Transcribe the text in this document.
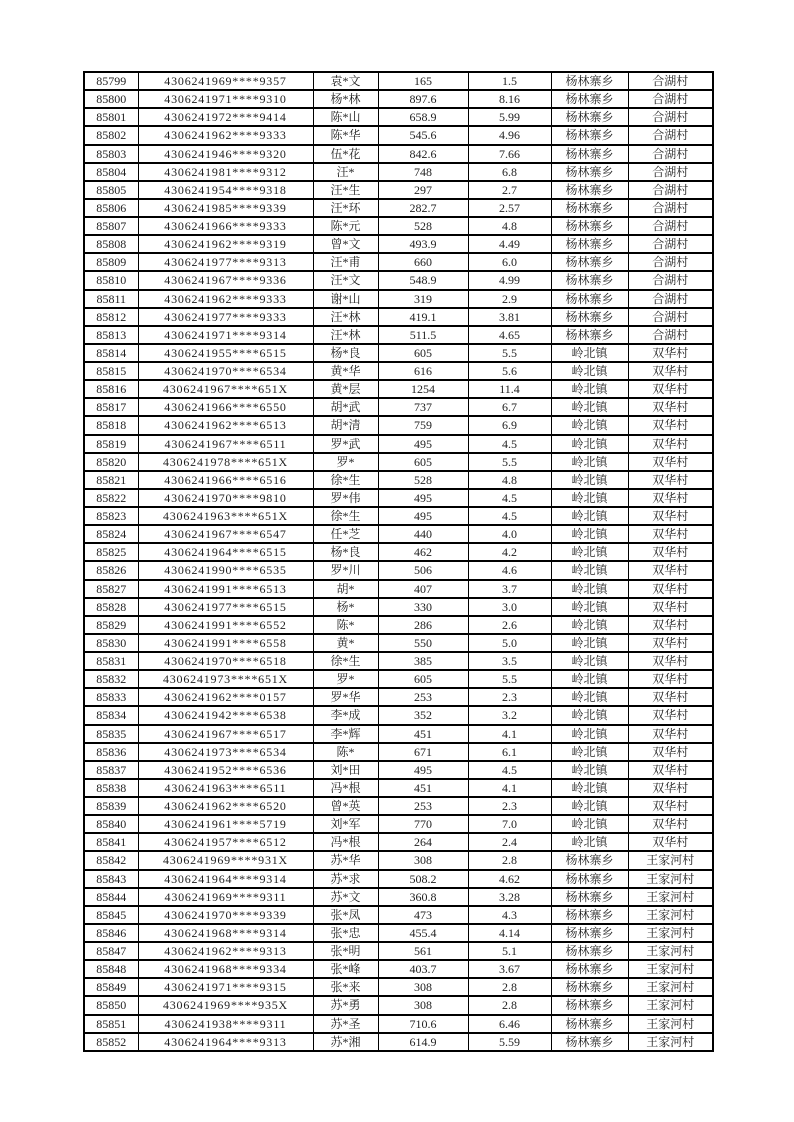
85799	4306241969****9357	袁*文	165	1.5	杨林寨乡	合湖村
85800	4306241971****9310	杨*林	897.6	8.16	杨林寨乡	合湖村
85801	4306241972****9414	陈*山	658.9	5.99	杨林寨乡	合湖村
85802	4306241962****9333	陈*华	545.6	4.96	杨林寨乡	合湖村
85803	4306241946****9320	伍*花	842.6	7.66	杨林寨乡	合湖村
85804	4306241981****9312	汪*	748	6.8	杨林寨乡	合湖村
85805	4306241954****9318	汪*生	297	2.7	杨林寨乡	合湖村
85806	4306241985****9339	汪*环	282.7	2.57	杨林寨乡	合湖村
85807	4306241966****9333	陈*元	528	4.8	杨林寨乡	合湖村
85808	4306241962****9319	曾*文	493.9	4.49	杨林寨乡	合湖村
85809	4306241977****9313	汪*甫	660	6.0	杨林寨乡	合湖村
85810	4306241967****9336	汪*文	548.9	4.99	杨林寨乡	合湖村
85811	4306241962****9333	谢*山	319	2.9	杨林寨乡	合湖村
85812	4306241977****9333	汪*林	419.1	3.81	杨林寨乡	合湖村
85813	4306241971****9314	汪*林	511.5	4.65	杨林寨乡	合湖村
85814	4306241955****6515	杨*良	605	5.5	岭北镇	双华村
85815	4306241970****6534	黄*华	616	5.6	岭北镇	双华村
85816	4306241967****651X	黄*层	1254	11.4	岭北镇	双华村
85817	4306241966****6550	胡*武	737	6.7	岭北镇	双华村
85818	4306241962****6513	胡*清	759	6.9	岭北镇	双华村
85819	4306241967****6511	罗*武	495	4.5	岭北镇	双华村
85820	4306241978****651X	罗*	605	5.5	岭北镇	双华村
85821	4306241966****6516	徐*生	528	4.8	岭北镇	双华村
85822	4306241970****9810	罗*伟	495	4.5	岭北镇	双华村
85823	4306241963****651X	徐*生	495	4.5	岭北镇	双华村
85824	4306241967****6547	任*芝	440	4.0	岭北镇	双华村
85825	4306241964****6515	杨*良	462	4.2	岭北镇	双华村
85826	4306241990****6535	罗*川	506	4.6	岭北镇	双华村
85827	4306241991****6513	胡*	407	3.7	岭北镇	双华村
85828	4306241977****6515	杨*	330	3.0	岭北镇	双华村
85829	4306241991****6552	陈*	286	2.6	岭北镇	双华村
85830	4306241991****6558	黄*	550	5.0	岭北镇	双华村
85831	4306241970****6518	徐*生	385	3.5	岭北镇	双华村
85832	4306241973****651X	罗*	605	5.5	岭北镇	双华村
85833	4306241962****0157	罗*华	253	2.3	岭北镇	双华村
85834	4306241942****6538	李*成	352	3.2	岭北镇	双华村
85835	4306241967****6517	李*辉	451	4.1	岭北镇	双华村
85836	4306241973****6534	陈*	671	6.1	岭北镇	双华村
85837	4306241952****6536	刘*田	495	4.5	岭北镇	双华村
85838	4306241963****6511	冯*根	451	4.1	岭北镇	双华村
85839	4306241962****6520	曾*英	253	2.3	岭北镇	双华村
85840	4306241961****5719	刘*军	770	7.0	岭北镇	双华村
85841	4306241957****6512	冯*根	264	2.4	岭北镇	双华村
85842	4306241969****931X	苏*华	308	2.8	杨林寨乡	王家河村
85843	4306241964****9314	苏*求	508.2	4.62	杨林寨乡	王家河村
85844	4306241969****9311	苏*文	360.8	3.28	杨林寨乡	王家河村
85845	4306241970****9339	张*凤	473	4.3	杨林寨乡	王家河村
85846	4306241968****9314	张*忠	455.4	4.14	杨林寨乡	王家河村
85847	4306241962****9313	张*明	561	5.1	杨林寨乡	王家河村
85848	4306241968****9334	张*峰	403.7	3.67	杨林寨乡	王家河村
85849	4306241971****9315	张*来	308	2.8	杨林寨乡	王家河村
85850	4306241969****935X	苏*勇	308	2.8	杨林寨乡	王家河村
85851	4306241938****9311	苏*圣	710.6	6.46	杨林寨乡	王家河村
85852	4306241964****9313	苏*湘	614.9	5.59	杨林寨乡	王家河村
